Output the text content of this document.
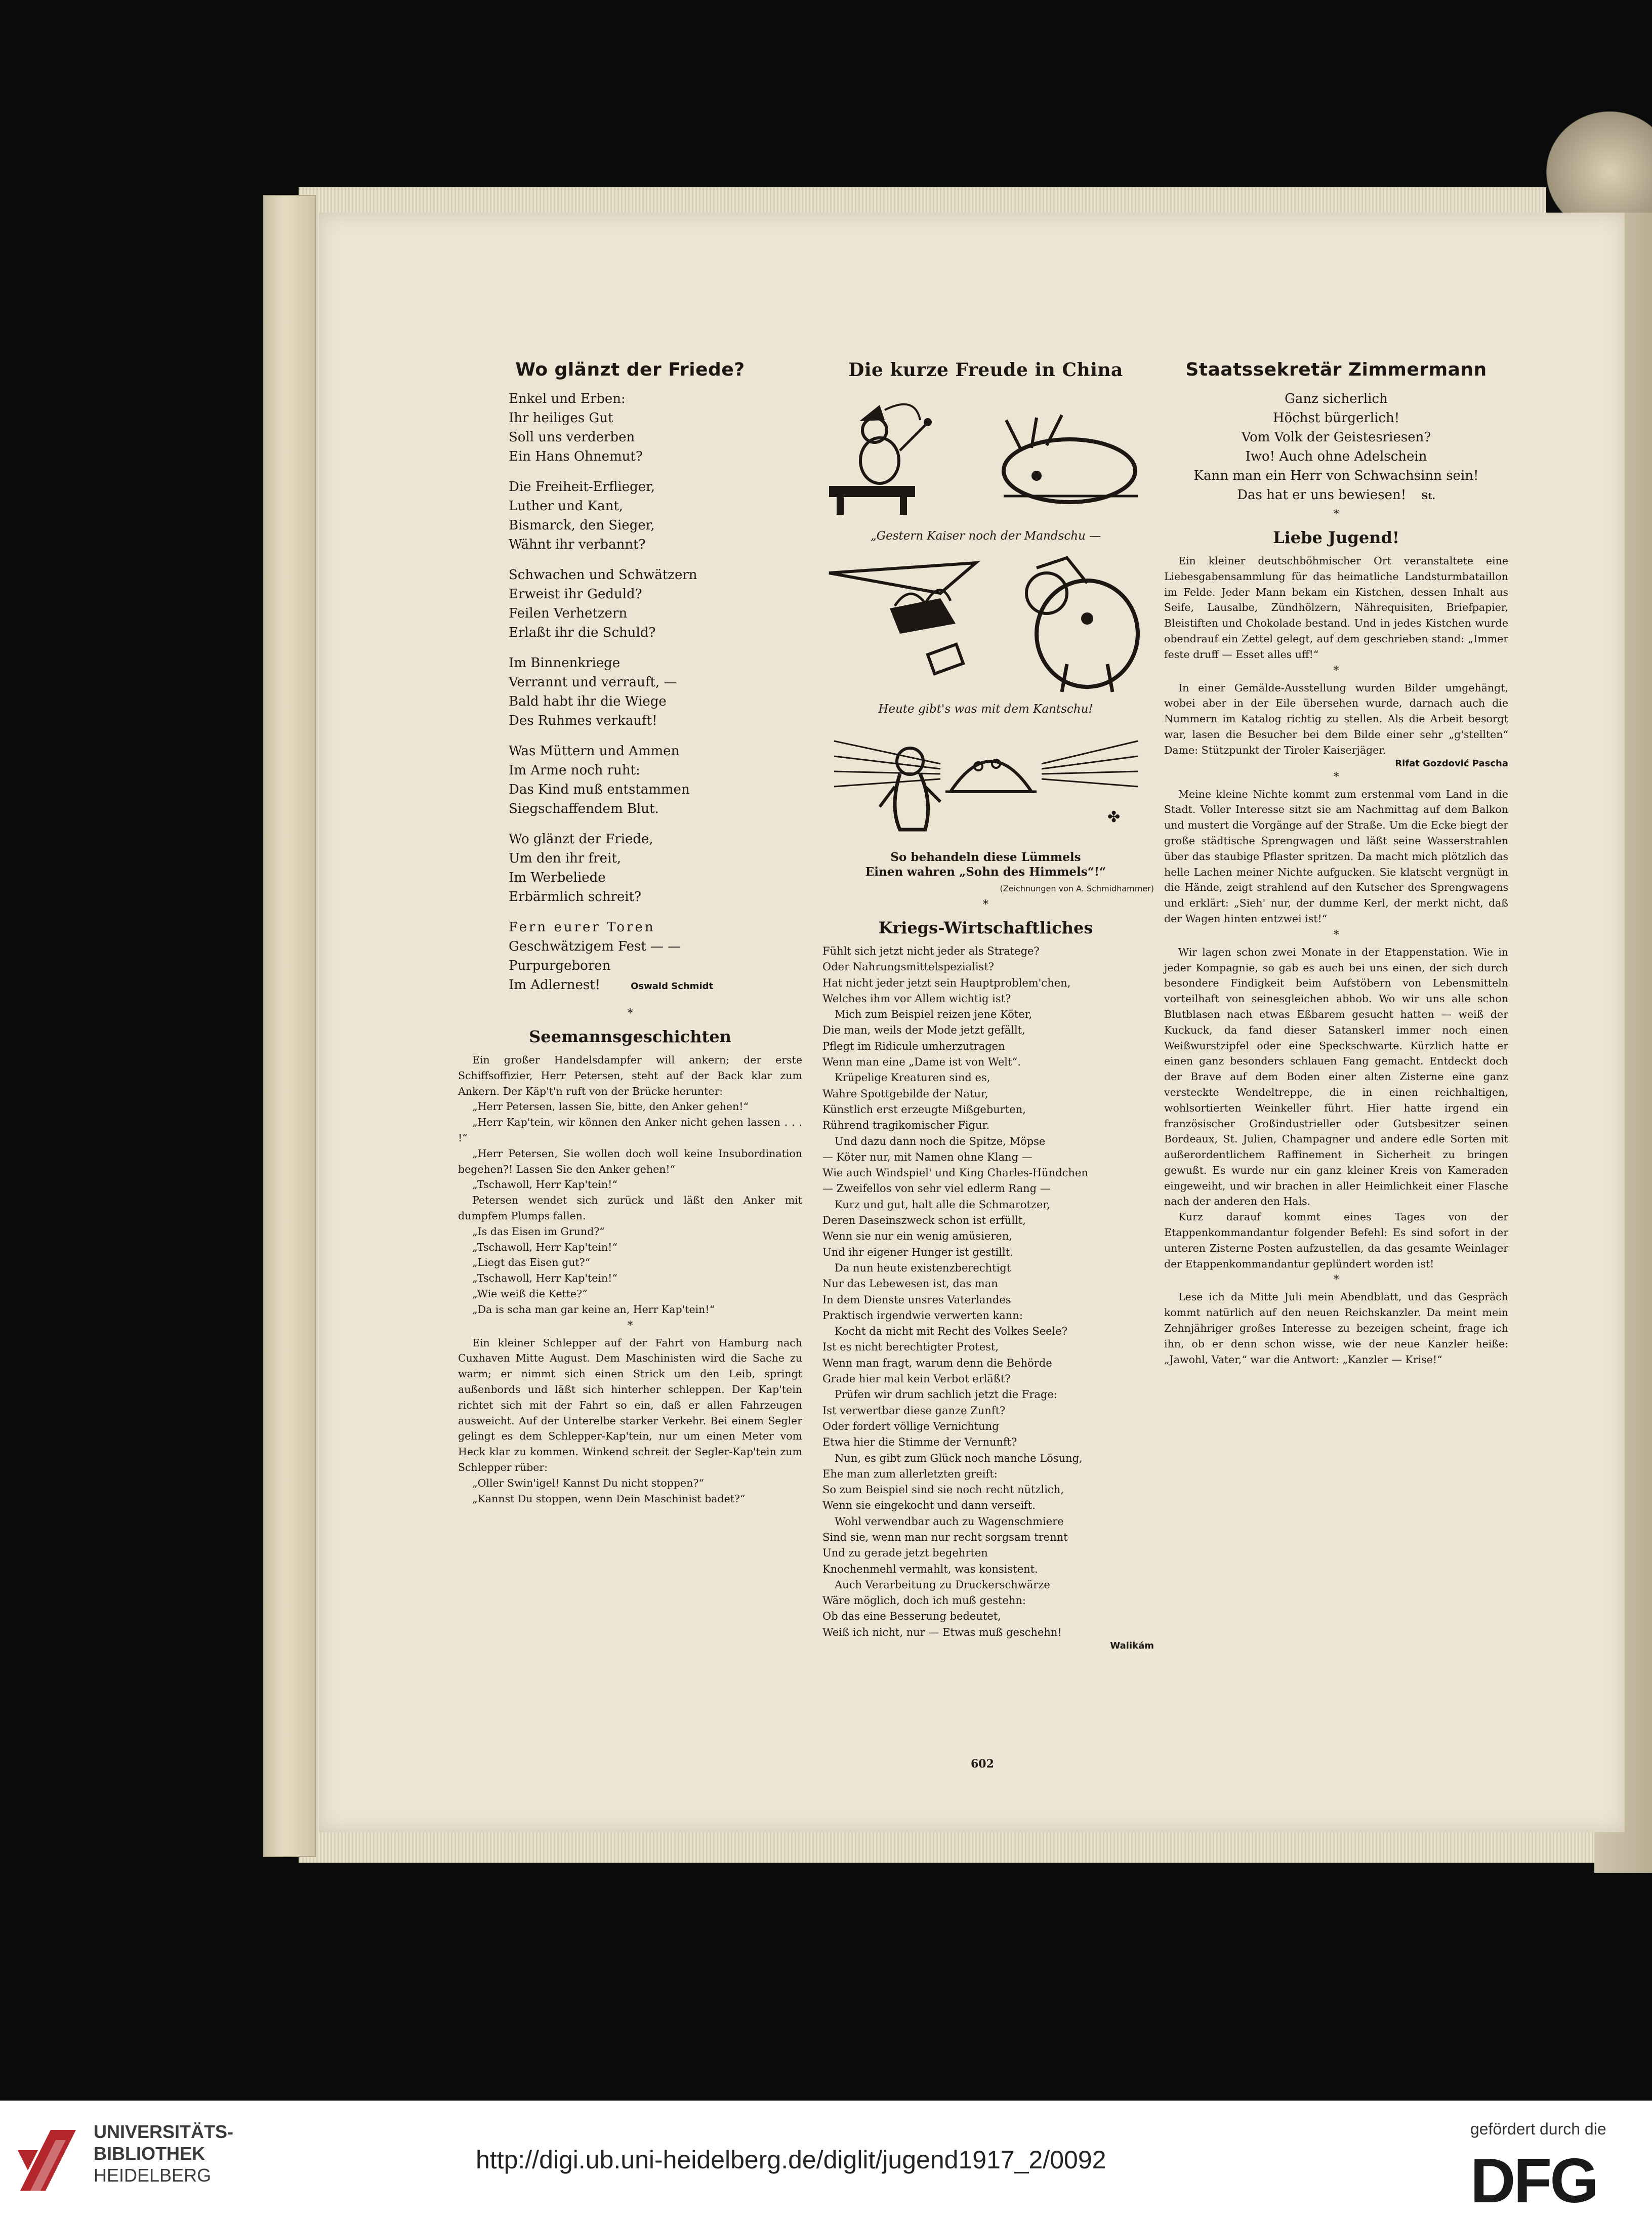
Wo glänzt der Friede?
Enkel und Erben:
Ihr heiliges Gut
Soll uns verderben
Ein Hans Ohnemut?
Die Freiheit-Erflieger,
Luther und Kant,
Bismarck, den Sieger,
Wähnt ihr verbannt?
Schwachen und Schwätzern
Erweist ihr Geduld?
Feilen Verhetzern
Erlaßt ihr die Schuld?
Im Binnenkriege
Verrannt und verrauft, —
Bald habt ihr die Wiege
Des Ruhmes verkauft!
Was Müttern und Ammen
Im Arme noch ruht:
Das Kind muß entstammen
Siegschaffendem Blut.
Wo glänzt der Friede,
Um den ihr freit,
Im Werbeliede
Erbärmlich schreit?
Fern eurer Toren
Geschwätzigem Fest — —
Purpurgeboren
Im Adlernest!	Oswald Schmidt
*
Seemannsgeschichten

Ein großer Handelsdampfer will ankern; der erste Schiffsoffizier, Herr Petersen, steht auf der Back klar zum Ankern. Der Käp't'n ruft von der Brücke herunter:

„Herr Petersen, lassen Sie, bitte, den Anker gehen!“

„Herr Kap'tein, wir können den Anker nicht gehen lassen . . . !“

„Herr Petersen, Sie wollen doch woll keine Insubordination begehen?! Lassen Sie den Anker gehen!“

„Tschawoll, Herr Kap'tein!“

Petersen wendet sich zurück und läßt den Anker mit dumpfem Plumps fallen.

„Is das Eisen im Grund?“

„Tschawoll, Herr Kap'tein!“

„Liegt das Eisen gut?“

„Tschawoll, Herr Kap'tein!“

„Wie weiß die Kette?“

„Da is scha man gar keine an, Herr Kap'tein!“

*

Ein kleiner Schlepper auf der Fahrt von Hamburg nach Cuxhaven Mitte August. Dem Maschinisten wird die Sache zu warm; er nimmt sich einen Strick um den Leib, springt außenbords und läßt sich hinterher schleppen. Der Kap'tein richtet sich mit der Fahrt so ein, daß er allen Fahrzeugen ausweicht. Auf der Unterelbe starker Verkehr. Bei einem Segler gelingt es dem Schlepper-Kap'tein, nur um einen Meter vom Heck klar zu kommen. Winkend schreit der Segler-Kap'tein zum Schlepper rüber:

„Oller Swin'igel! Kannst Du nicht stoppen?“

„Kannst Du stoppen, wenn Dein Maschinist badet?“

Die kurze Freude in China
„Gestern Kaiser noch der Mandschu —
Heute gibt's was mit dem Kantschu!
✤
So behandeln diese Lümmels
Einen wahren „Sohn des Himmels“!“
(Zeichnungen von A. Schmidhammer)
*
Kriegs-Wirtschaftliches
Fühlt sich jetzt nicht jeder als Stratege?
Oder Nahrungsmittelspezialist?
Hat nicht jeder jetzt sein Hauptproblem'chen,
Welches ihm vor Allem wichtig ist?
Mich zum Beispiel reizen jene Köter,
Die man, weils der Mode jetzt gefällt,
Pflegt im Ridicule umherzutragen
Wenn man eine „Dame ist von Welt“.
Krüpelige Kreaturen sind es,
Wahre Spottgebilde der Natur,
Künstlich erst erzeugte Mißgeburten,
Rührend tragikomischer Figur.
Und dazu dann noch die Spitze, Möpse
— Köter nur, mit Namen ohne Klang —
Wie auch Windspiel' und King Charles-Hündchen
— Zweifellos von sehr viel edlerm Rang —
Kurz und gut, halt alle die Schmarotzer,
Deren Daseinszweck schon ist erfüllt,
Wenn sie nur ein wenig amüsieren,
Und ihr eigener Hunger ist gestillt.
Da nun heute existenzberechtigt
Nur das Lebewesen ist, das man
In dem Dienste unsres Vaterlandes
Praktisch irgendwie verwerten kann:
Kocht da nicht mit Recht des Volkes Seele?
Ist es nicht berechtigter Protest,
Wenn man fragt, warum denn die Behörde
Grade hier mal kein Verbot erläßt?
Prüfen wir drum sachlich jetzt die Frage:
Ist verwertbar diese ganze Zunft?
Oder fordert völlige Vernichtung
Etwa hier die Stimme der Vernunft?
Nun, es gibt zum Glück noch manche Lösung,
Ehe man zum allerletzten greift:
So zum Beispiel sind sie noch recht nützlich,
Wenn sie eingekocht und dann verseift.
Wohl verwendbar auch zu Wagenschmiere
Sind sie, wenn man nur recht sorgsam trennt
Und zu gerade jetzt begehrten
Knochenmehl vermahlt, was konsistent.
Auch Verarbeitung zu Druckerschwärze
Wäre möglich, doch ich muß gestehn:
Ob das eine Besserung bedeutet,
Weiß ich nicht, nur — Etwas muß geschehn!
Walikám
Staatssekretär Zimmermann
Ganz sicherlich
Höchst bürgerlich!
Vom Volk der Geistesriesen?
Iwo! Auch ohne Adelschein
Kann man ein Herr von Schwachsinn sein!
Das hat er uns bewiesen! St.
*
Liebe Jugend!

Ein kleiner deutschböhmischer Ort veranstaltete eine Liebesgabensammlung für das heimatliche Landsturmbataillon im Felde. Jeder Mann bekam ein Kistchen, dessen Inhalt aus Seife, Lausalbe, Zündhölzern, Nährequisiten, Briefpapier, Bleistiften und Chokolade bestand. Und in jedes Kistchen wurde obendrauf ein Zettel gelegt, auf dem geschrieben stand: „Immer feste druff — Esset alles uff!“

*

In einer Gemälde-Ausstellung wurden Bilder umgehängt, wobei aber in der Eile übersehen wurde, darnach auch die Nummern im Katalog richtig zu stellen. Als die Arbeit besorgt war, lasen die Besucher bei dem Bilde einer sehr „g'stellten“ Dame: Stützpunkt der Tiroler Kaiserjäger.

Rifat Gozdović Pascha
*

Meine kleine Nichte kommt zum erstenmal vom Land in die Stadt. Voller Interesse sitzt sie am Nachmittag auf dem Balkon und mustert die Vorgänge auf der Straße. Um die Ecke biegt der große städtische Sprengwagen und läßt seine Wasserstrahlen über das staubige Pflaster spritzen. Da macht mich plötzlich das helle Lachen meiner Nichte aufgucken. Sie klatscht vergnügt in die Hände, zeigt strahlend auf den Kutscher des Sprengwagens und erklärt: „Sieh' nur, der dumme Kerl, der merkt nicht, daß der Wagen hinten entzwei ist!“

*

Wir lagen schon zwei Monate in der Etappenstation. Wie in jeder Kompagnie, so gab es auch bei uns einen, der sich durch besondere Findigkeit beim Aufstöbern von Lebensmitteln vorteilhaft von seinesgleichen abhob. Wo wir uns alle schon Blutblasen nach etwas Eßbarem gesucht hatten — weiß der Kuckuck, da fand dieser Satanskerl immer noch einen Weißwurstzipfel oder eine Speckschwarte. Kürzlich hatte er einen ganz besonders schlauen Fang gemacht. Entdeckt doch der Brave auf dem Boden einer alten Zisterne eine ganz versteckte Wendeltreppe, die in einen reichhaltigen, wohlsortierten Weinkeller führt. Hier hatte irgend ein französischer Großindustrieller oder Gutsbesitzer seinen Bordeaux, St. Julien, Champagner und andere edle Sorten mit außerordentlichem Raffinement in Sicherheit zu bringen gewußt. Es wurde nur ein ganz kleiner Kreis von Kameraden eingeweiht, und wir brachen in aller Heimlichkeit einer Flasche nach der anderen den Hals.

Kurz darauf kommt eines Tages von der Etappenkommandantur folgender Befehl: Es sind sofort in der unteren Zisterne Posten aufzustellen, da das gesamte Weinlager der Etappenkommandantur geplündert worden ist!

*

Lese ich da Mitte Juli mein Abendblatt, und das Gespräch kommt natürlich auf den neuen Reichskanzler. Da meint mein Zehnjähriger großes Interesse zu bezeigen scheint, frage ich ihn, ob er denn schon wisse, wie der neue Kanzler heiße: „Jawohl, Vater,“ war die Antwort: „Kanzler — Krise!“

602
UNIVERSITÄTS-
BIBLIOTHEK
HEIDELBERG
http://digi.ub.uni-heidelberg.de/diglit/jugend1917_2/0092
gefördert durch die
DFG
